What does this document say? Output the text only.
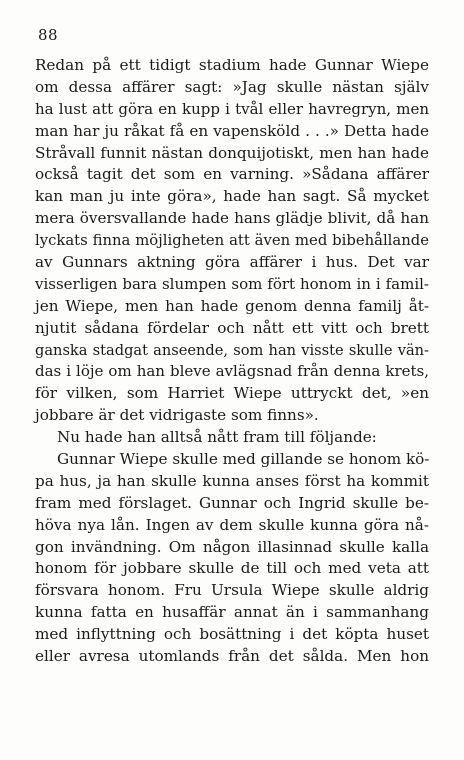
88
Redan på ett tidigt stadium hade Gunnar Wiepe
om dessa affärer sagt: »Jag skulle nästan själv
ha lust att göra en kupp i tvål eller havregryn, men
man har ju råkat få en vapensköld . . .» Detta hade
Stråvall funnit nästan donquijotiskt, men han hade
också tagit det som en varning. »Sådana affärer
kan man ju inte göra», hade han sagt. Så mycket
mera översvallande hade hans glädje blivit, då han
lyckats finna möjligheten att även med bibehållande
av Gunnars aktning göra affärer i hus. Det var
visserligen bara slumpen som fört honom in i famil-
jen Wiepe, men han hade genom denna familj åt-
njutit sådana fördelar och nått ett vitt och brett
ganska stadgat anseende, som han visste skulle vän-
das i löje om han bleve avlägsnad från denna krets,
för vilken, som Harriet Wiepe uttryckt det, »en
jobbare är det vidrigaste som finns».
Nu hade han alltså nått fram till följande:
Gunnar Wiepe skulle med gillande se honom kö-
pa hus, ja han skulle kunna anses först ha kommit
fram med förslaget. Gunnar och Ingrid skulle be-
höva nya lån. Ingen av dem skulle kunna göra nå-
gon invändning. Om någon illasinnad skulle kalla
honom för jobbare skulle de till och med veta att
försvara honom. Fru Ursula Wiepe skulle aldrig
kunna fatta en husaffär annat än i sammanhang
med inflyttning och bosättning i det köpta huset
eller avresa utomlands från det sålda. Men hon
